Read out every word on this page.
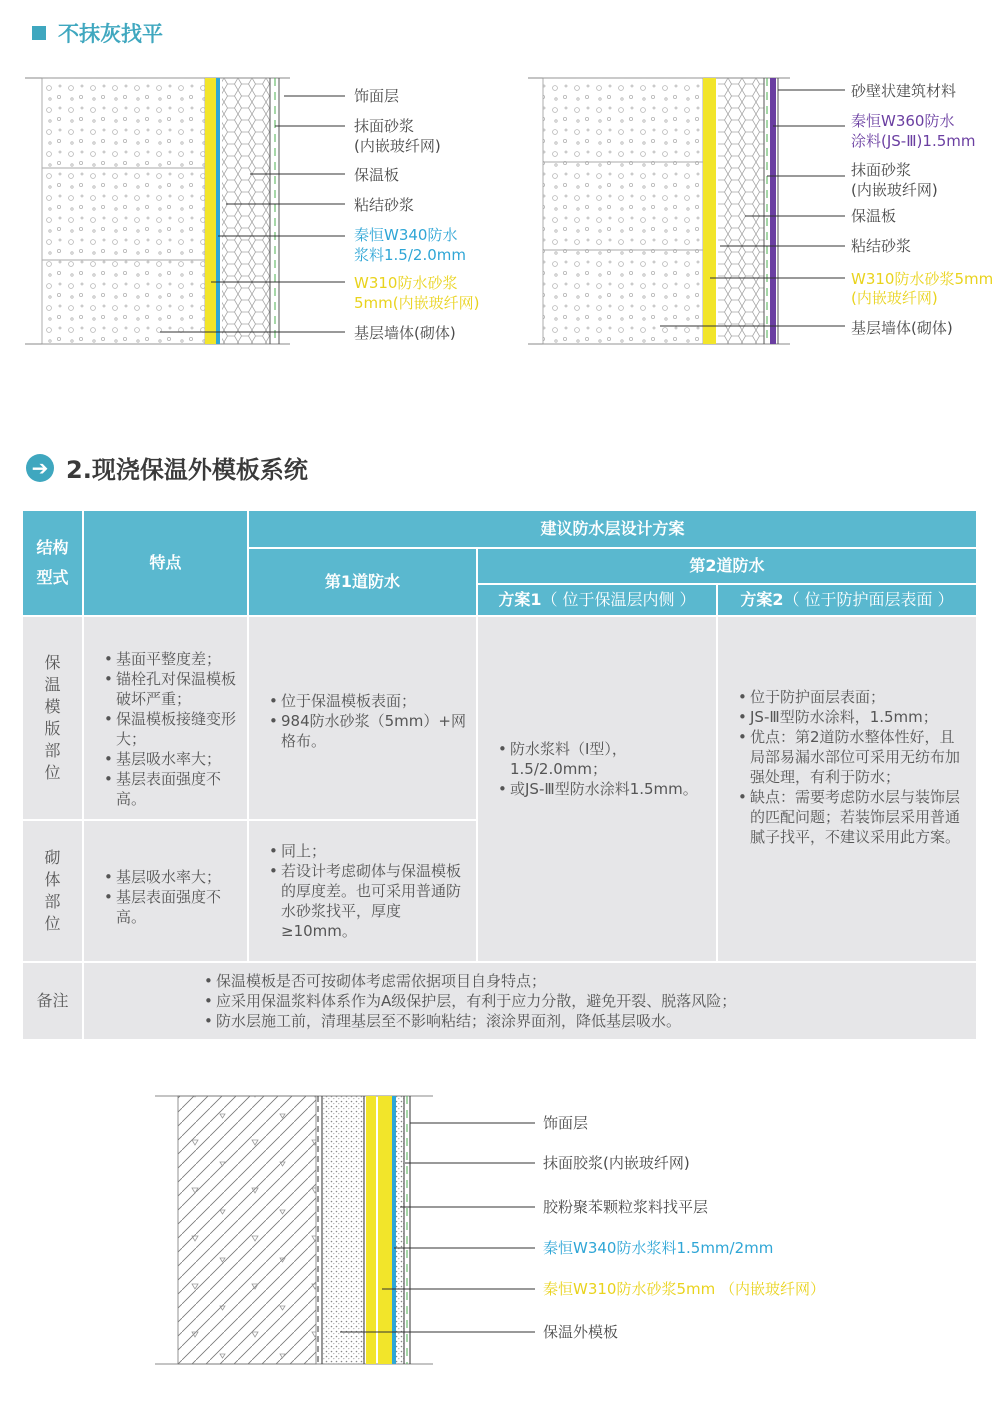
不抹灰找平
饰面层
抹面砂浆
(内嵌玻纤网)
保温板
粘结砂浆
秦恒W340防水
浆料1.5/2.0mm
W310防水砂浆
5mm(内嵌玻纤网)
基层墙体(砌体)
砂壁状建筑材料
秦恒W360防水
涂料(JS-Ⅲ)1.5mm
抹面砂浆
(内嵌玻纤网)
保温板
粘结砂浆
W310防水砂浆5mm
(内嵌玻纤网)
基层墙体(砌体)
➔ 2.现浇保温外模板系统
结构型式
特点
建议防水层设计方案
第1道防水
第2道防水
方案1 （ 位于保温层内侧 ）	方案2 （ 位于防护面层表面 ）
保温模版部位
• 基面平整度差；
• 锚栓孔对保温模板破坏严重；
• 保温模板接缝变形大；
• 基层吸水率大；
• 基层表面强度不高。
• 位于保温模板表面；
• 984防水砂浆（5mm）+网格布。
•	防水浆料（I型），1.5/2.0mm；
• 或JS-Ⅲ型防水涂料1.5mm。
• 位于防护面层表面；
• JS-Ⅲ型防水涂料，1.5mm；
• 优点：第2道防水整体性好，且局部易漏水部位可采用无纺布加强处理，有利于防水；
• 缺点：需要考虑防水层与装饰层的匹配问题；若装饰层采用普通腻子找平，不建议采用此方案。
砌体部位
• 基层吸水率大；
• 基层表面强度不高。
• 同上；
• 若设计考虑砌体与保温模板的厚度差。也可采用普通防水砂浆找平，厚度≥10mm。
备注
• 保温模板是否可按砌体考虑需依据项目自身特点；
• 应采用保温浆料体系作为A级保护层，有利于应力分散，避免开裂、脱落风险；
• 防水层施工前，清理基层至不影响粘结；滚涂界面剂，降低基层吸水。
饰面层
抹面胶浆(内嵌玻纤网)
胶粉聚苯颗粒浆料找平层
秦恒W340防水浆料1.5mm/2mm
秦恒W310防水砂浆5mm （内嵌玻纤网）
保温外模板
